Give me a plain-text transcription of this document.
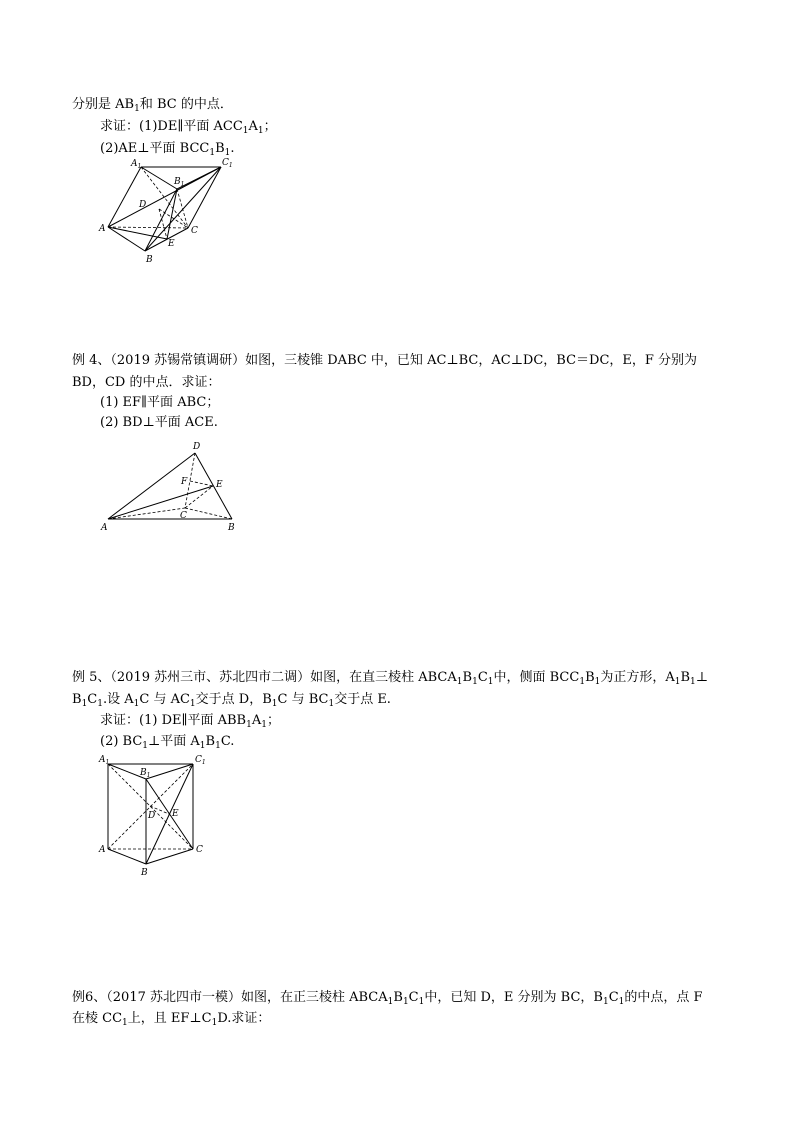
分别是 $AB_1$和 BC 的中点．
求证：(1)DE∥平面 $ACC_1A_1$；
(2)AE⊥平面 $BCC_1B_1$.
$A_1$	$C_1$
$B_1$
D
A	C
E
B
例 4、（2019 苏锡常镇调研）如图，三棱锥 DABC 中，已知 AC⊥BC，AC⊥DC，BC＝DC，E，F 分别为
BD，CD 的中点．求证：
(1) EF∥平面 ABC；
(2) BD⊥平面 ACE.
D
F	E
C
A	B
例 5、（2019 苏州三市、苏北四市二调）如图，在直三棱柱 $ABCA_1B_1C_1$中，侧面 $BCC_1B_1$为正方形，$A_1B_1\perp$
$B_1C_1$.设 $A_1C$ 与 $AC_1$交于点 D，$B_1C$ 与 $BC_1$交于点 E.
求证：(1) DE∥平面 $ABB_1A_1$；
(2) $BC_1\perp$平面 $A_1B_1C$.
$A_1$
$B_1$
$C_1$
D E
A	C
B
例6、（2017 苏北四市一模）如图，在正三棱柱 $ABCA_1B_1C_1$中，已知 D，E 分别为 BC，$B_1C_1$的中点，点 F
在棱 $CC_1$上，且 $EF\perp C_1D$.求证：
